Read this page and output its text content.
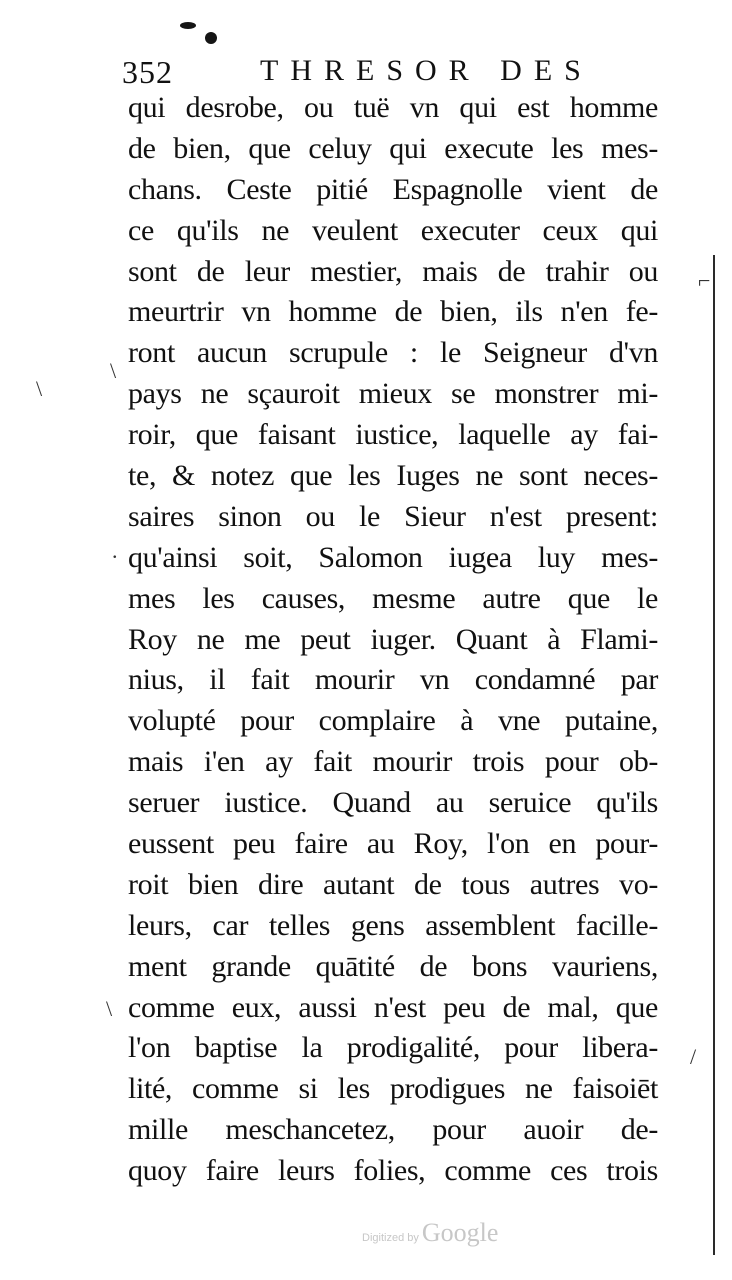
352	THRESOR DES
qui desrobe, ou tuë vn qui est homme
de bien, que celuy qui execute les mes-
chans. Ceste pitié Espagnolle vient de
ce qu'ils ne veulent executer ceux qui
sont de leur mestier, mais de trahir ou
meurtrir vn homme de bien, ils n'en fe-
ront aucun scrupule : le Seigneur d'vn
pays ne sçauroit mieux se monstrer mi-
roir, que faisant iustice, laquelle ay fai-
te, & notez que les Iuges ne sont neces-
saires sinon ou le Sieur n'est present:
qu'ainsi soit, Salomon iugea luy mes-
mes les causes, mesme autre que le
Roy ne me peut iuger. Quant à Flami-
nius, il fait mourir vn condamné par
volupté pour complaire à vne putaine,
mais i'en ay fait mourir trois pour ob-
seruer iustice. Quand au seruice qu'ils
eussent peu faire au Roy, l'on en pour-
roit bien dire autant de tous autres vo-
leurs, car telles gens assemblent facille-
ment grande quātité de bons vauriens,
comme eux, aussi n'est peu de mal, que
l'on baptise la prodigalité, pour libera-
lité, comme si les prodigues ne faisoiēt
mille meschancetez, pour auoir de-
quoy faire leurs folies, comme ces trois
⌐
\
\
.
\
/
Digitized by Google
